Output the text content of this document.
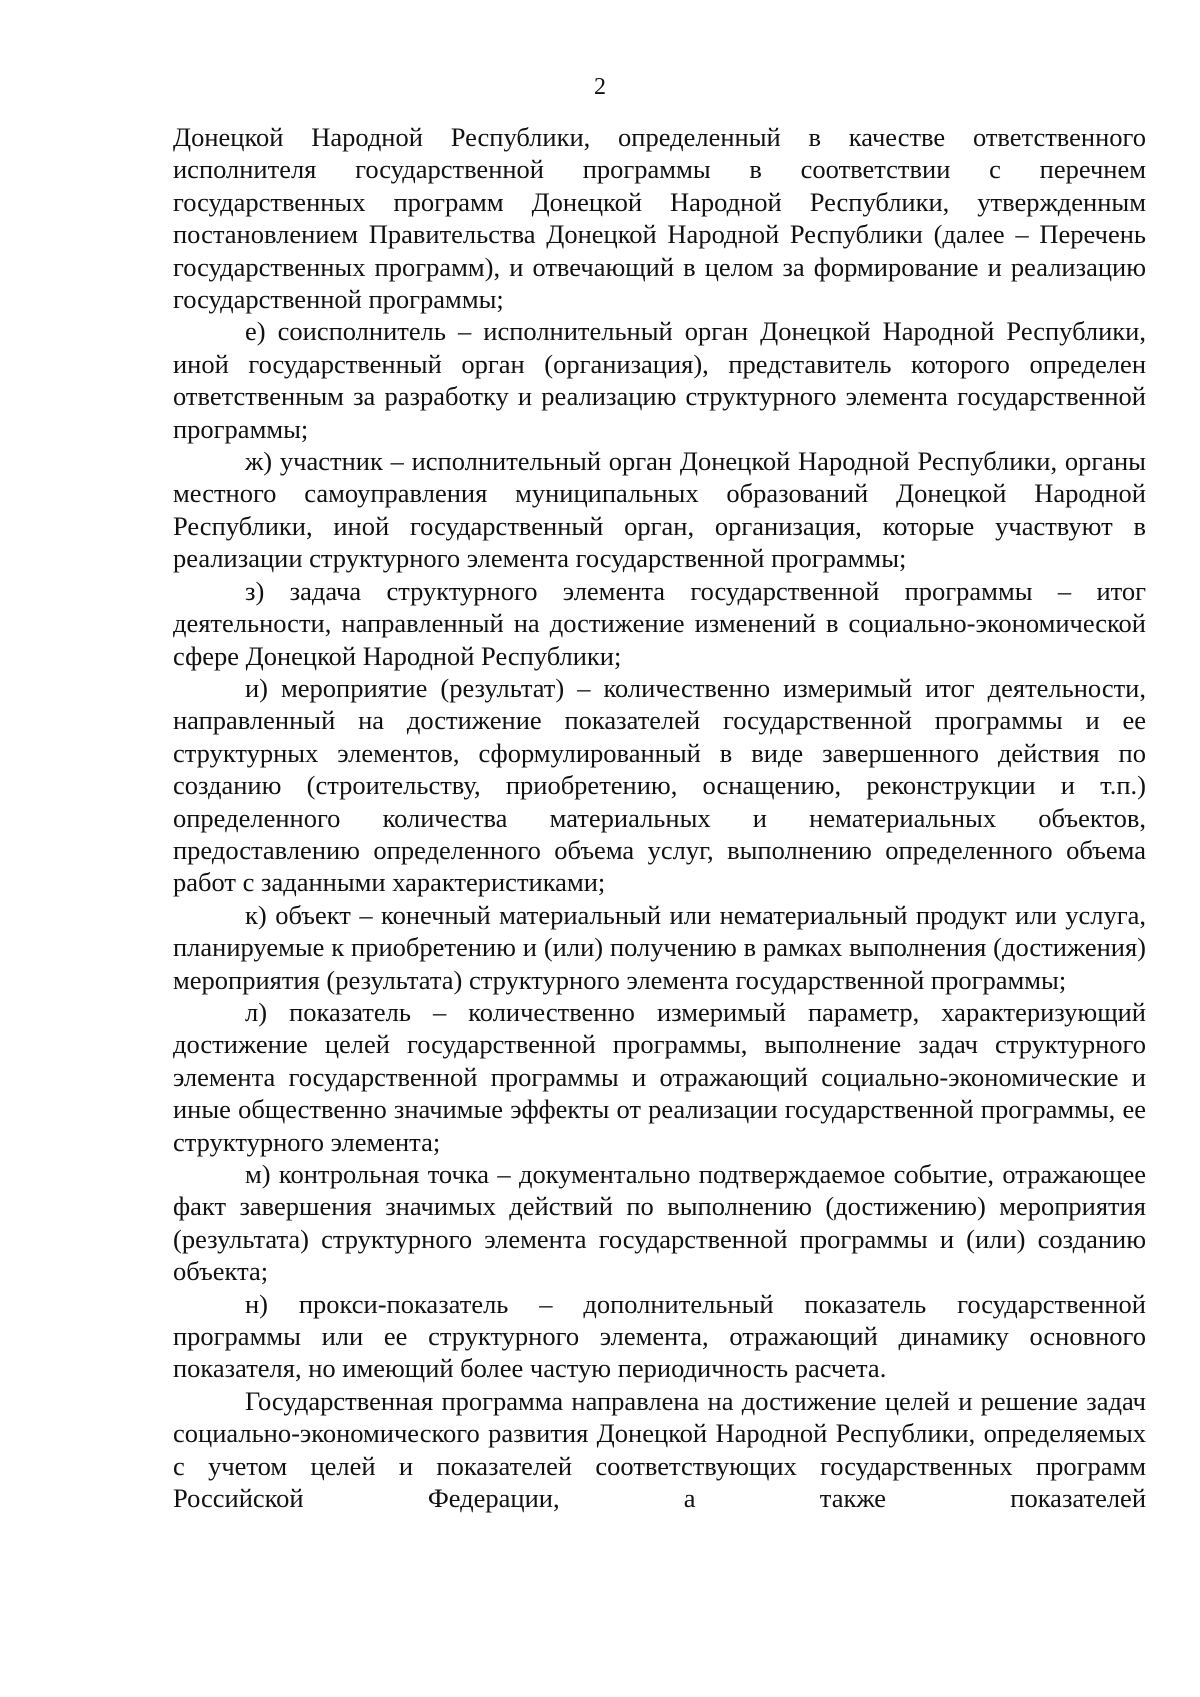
2

Донецкой Народной Республики, определенный в качестве ответственного исполнителя государственной программы в соответствии с перечнем государственных программ Донецкой Народной Республики, утвержденным постановлением Правительства Донецкой Народной Республики (далее – Перечень государственных программ), и отвечающий в целом за формирование и реализацию государственной программы;

е) соисполнитель – исполнительный орган Донецкой Народной Республики, иной государственный орган (организация), представитель которого определен ответственным за разработку и реализацию структурного элемента государственной программы;

ж) участник – исполнительный орган Донецкой Народной Республики, органы местного самоуправления муниципальных образований Донецкой Народной Республики, иной государственный орган, организация, которые участвуют в реализации структурного элемента государственной программы;

з) задача структурного элемента государственной программы – итог деятельности, направленный на достижение изменений в социально-экономической сфере Донецкой Народной Республики;

и) мероприятие (результат) – количественно измеримый итог деятельности, направленный на достижение показателей государственной программы и ее структурных элементов, сформулированный в виде завершенного действия по созданию (строительству, приобретению, оснащению, реконструкции и т.п.) определенного количества материальных и нематериальных объектов, предоставлению определенного объема услуг, выполнению определенного объема работ с заданными характеристиками;

к) объект – конечный материальный или нематериальный продукт или услуга, планируемые к приобретению и (или) получению в рамках выполнения (достижения) мероприятия (результата) структурного элемента государственной программы;

л) показатель – количественно измеримый параметр, характеризующий достижение целей государственной программы, выполнение задач структурного элемента государственной программы и отражающий социально-экономические и иные общественно значимые эффекты от реализации государственной программы, ее структурного элемента;

м) контрольная точка – документально подтверждаемое событие, отражающее факт завершения значимых действий по выполнению (достижению) мероприятия (результата) структурного элемента государственной программы и (или) созданию объекта;

н) прокси-показатель – дополнительный показатель государственной программы или ее структурного элемента, отражающий динамику основного показателя, но имеющий более частую периодичность расчета.

Государственная программа направлена на достижение целей и решение задач социально-экономического развития Донецкой Народной Республики, определяемых с учетом целей и показателей соответствующих государственных программ Российской Федерации, а также показателей
